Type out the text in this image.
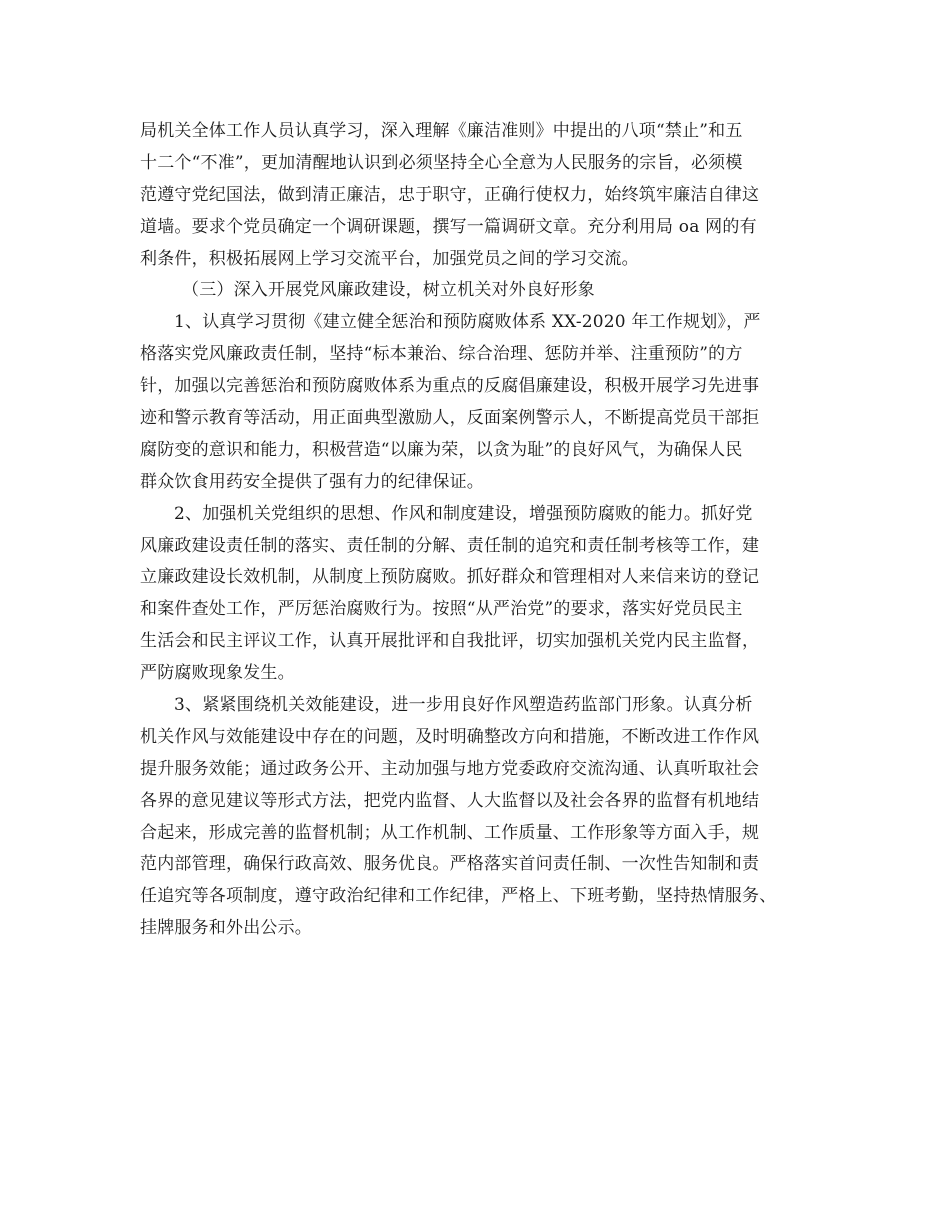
局机关全体工作人员认真学习，深入理解《廉洁准则》中提出的八项“禁止”和五
十二个“不准”，更加清醒地认识到必须坚持全心全意为人民服务的宗旨，必须模
范遵守党纪国法，做到清正廉洁，忠于职守，正确行使权力，始终筑牢廉洁自律这
道墙。要求个党员确定一个调研课题，撰写一篇调研文章。充分利用局 oa 网的有
利条件，积极拓展网上学习交流平台，加强党员之间的学习交流。
（三）深入开展党风廉政建设，树立机关对外良好形象
1、认真学习贯彻《建立健全惩治和预防腐败体系 XX-2020 年工作规划》，严
格落实党风廉政责任制，坚持“标本兼治、综合治理、惩防并举、注重预防”的方
针，加强以完善惩治和预防腐败体系为重点的反腐倡廉建设，积极开展学习先进事
迹和警示教育等活动，用正面典型激励人，反面案例警示人，不断提高党员干部拒
腐防变的意识和能力，积极营造“以廉为荣，以贪为耻”的良好风气，为确保人民
群众饮食用药安全提供了强有力的纪律保证。
2、加强机关党组织的思想、作风和制度建设，增强预防腐败的能力。抓好党
风廉政建设责任制的落实、责任制的分解、责任制的追究和责任制考核等工作，建
立廉政建设长效机制，从制度上预防腐败。抓好群众和管理相对人来信来访的登记
和案件查处工作，严厉惩治腐败行为。按照“从严治党”的要求，落实好党员民主
生活会和民主评议工作，认真开展批评和自我批评，切实加强机关党内民主监督，
严防腐败现象发生。
3、紧紧围绕机关效能建设，进一步用良好作风塑造药监部门形象。认真分析
机关作风与效能建设中存在的问题，及时明确整改方向和措施，不断改进工作作风
提升服务效能；通过政务公开、主动加强与地方党委政府交流沟通、认真听取社会
各界的意见建议等形式方法，把党内监督、人大监督以及社会各界的监督有机地结
合起来，形成完善的监督机制；从工作机制、工作质量、工作形象等方面入手，规
范内部管理，确保行政高效、服务优良。严格落实首问责任制、一次性告知制和责
任追究等各项制度，遵守政治纪律和工作纪律，严格上、下班考勤，坚持热情服务、
挂牌服务和外出公示。
